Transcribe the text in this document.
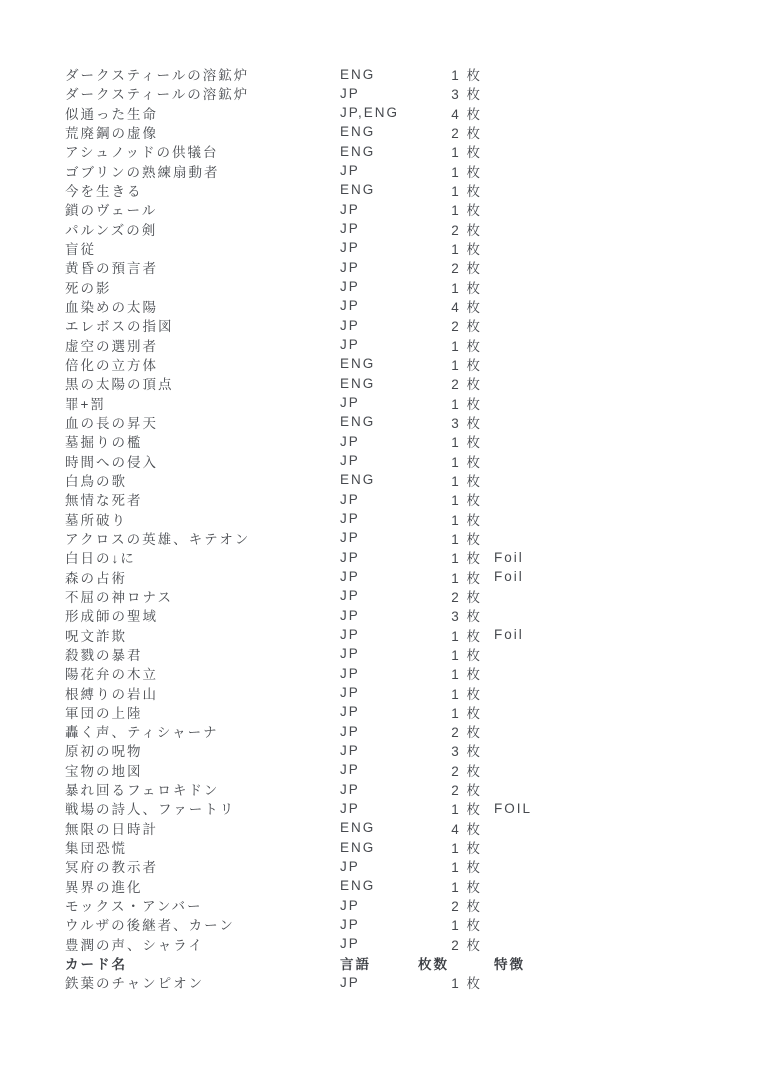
ダークスティールの溶鉱炉	ENG	1 枚
ダークスティールの溶鉱炉	JP	3 枚
似通った生命	JP,ENG	4 枚
荒廃鋼の虚像	ENG	2 枚
アシュノッドの供犠台	ENG	1 枚
ゴブリンの熟練扇動者	JP	1 枚
今を生きる	ENG	1 枚
鎖のヴェール	JP	1 枚
パルンズの剣	JP	2 枚
盲従	JP	1 枚
黄昏の預言者	JP	2 枚
死の影	JP	1 枚
血染めの太陽	JP	4 枚
エレボスの指図	JP	2 枚
虚空の選別者	JP	1 枚
倍化の立方体	ENG	1 枚
黒の太陽の頂点	ENG	2 枚
罪+罰	JP	1 枚
血の長の昇天	ENG	3 枚
墓掘りの檻	JP	1 枚
時間への侵入	JP	1 枚
白鳥の歌	ENG	1 枚
無情な死者	JP	1 枚
墓所破り	JP	1 枚
アクロスの英雄、キテオン	JP	1 枚
白日の↓に	JP	1 枚 Foil
森の占術	JP	1 枚 Foil
不屈の神ロナス	JP	2 枚
形成師の聖域	JP	3 枚
呪文詐欺	JP	1 枚 Foil
殺戮の暴君	JP	1 枚
陽花弁の木立	JP	1 枚
根縛りの岩山	JP	1 枚
軍団の上陸	JP	1 枚
轟く声、ティシャーナ	JP	2 枚
原初の呪物	JP	3 枚
宝物の地図	JP	2 枚
暴れ回るフェロキドン	JP	2 枚
戦場の詩人、ファートリ	JP	1 枚 FOIL
無限の日時計	ENG	4 枚
集団恐慌	ENG	1 枚
冥府の教示者	JP	1 枚
異界の進化	ENG	1 枚
モックス・アンバー	JP	2 枚
ウルザの後継者、カーン	JP	1 枚
豊潤の声、シャライ	JP	2 枚
カード名	言語	枚数	特徴
鉄葉のチャンピオン	JP	1 枚
